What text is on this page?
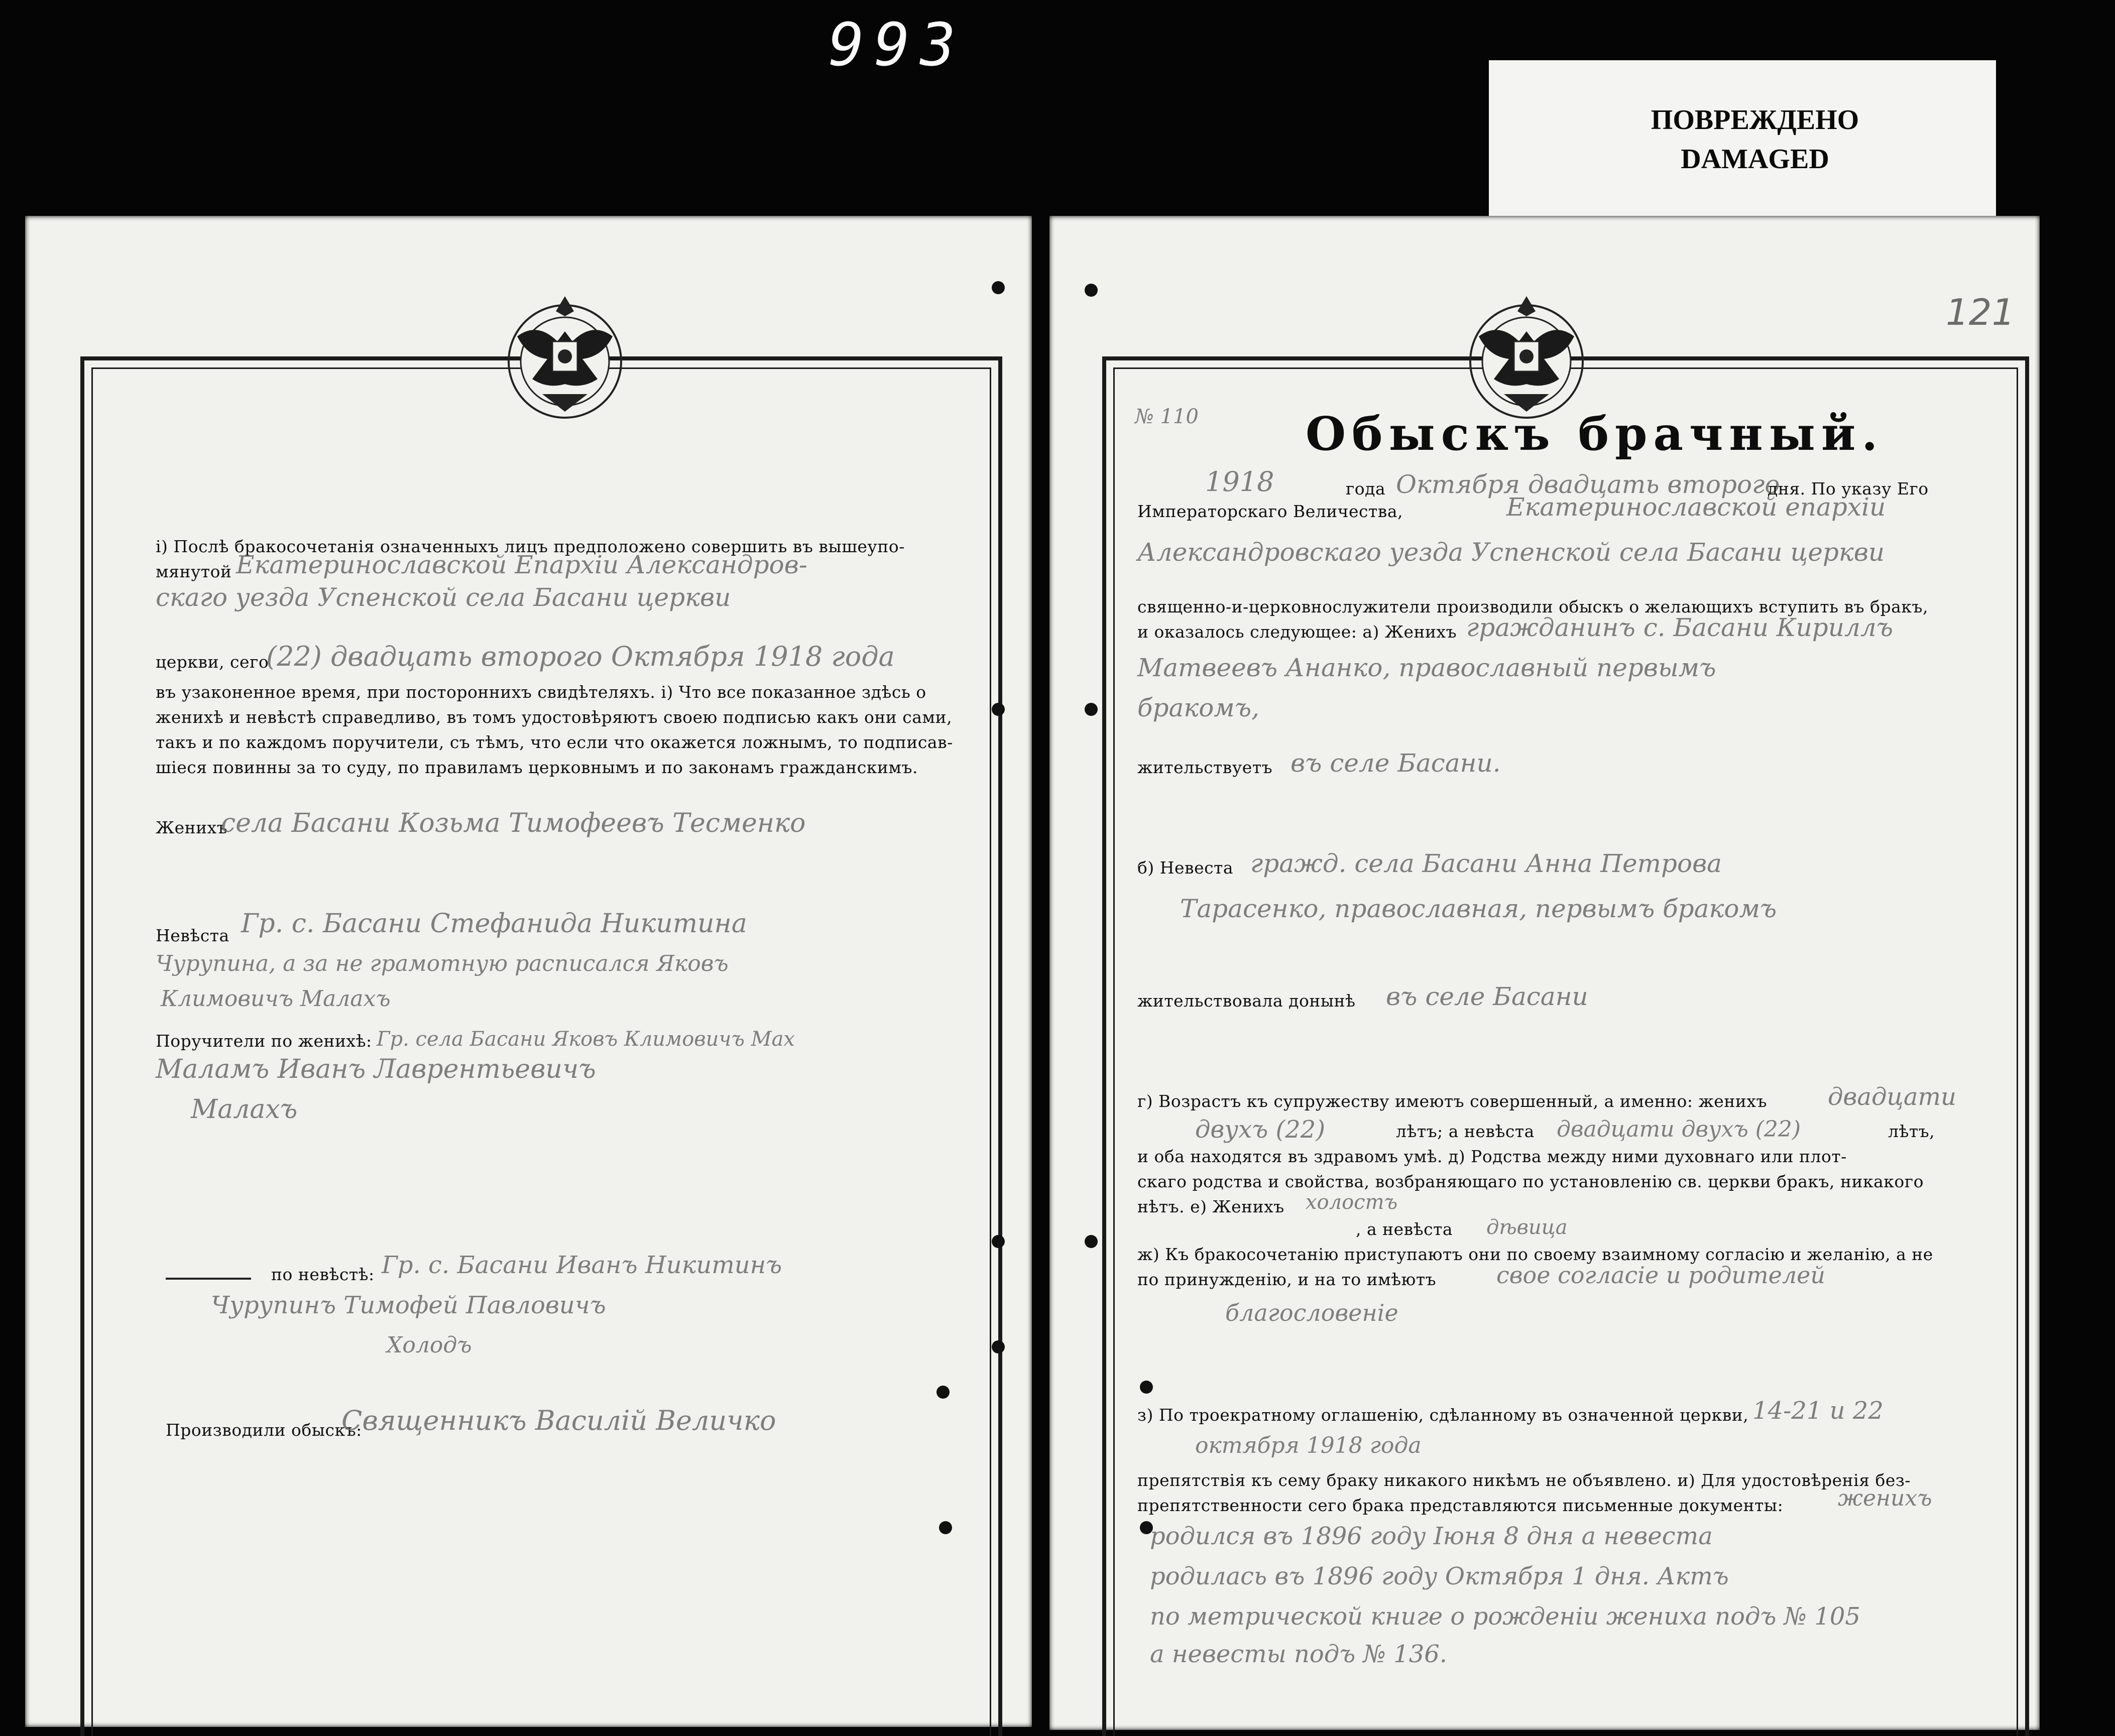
993
ПОВРЕЖДЕНО
DAMAGED
121
№ 110 Обыскъ брачный.
1918	года Октября двадцать второго
дня. По указу Его
Императорскаго Величества,	Екатеринославской епархiи
Александровскаго уезда Успенской села Басани церкви
священно-и-церковнослужители производили обыскъ о желающихъ вступить въ бракъ,
и оказалось следующее: а) Женихъ гражданинъ с. Басани Кириллъ
Матвеевъ Ананко, православный первымъ
бракомъ,
жительствуетъ въ селе Басани.
б) Невеста гражд. села Басани Анна Петрова
Тарасенко, православная, первымъ бракомъ
жительствовала донынѣ въ селе Басани
г) Возрастъ къ супружеству имеютъ совершенный, а именно: женихъ	двадцати
двухъ (22)	лѣтъ; а невѣста двадцати двухъ (22)	лѣтъ,
и оба находятся въ здравомъ умѣ. д) Родства между ними духовнаго или плот-
скаго родства и свойства, возбраняющаго по установленiю св. церкви бракъ, никакого
нѣтъ. е) Женихъ холостъ
, а невѣста дѣвица
ж) Къ бракосочетанiю приступаютъ они по своему взаимному согласiю и желанiю, а не
по принужденiю, и на то имѣютъ	свое согласiе и родителей
благословенiе
з) По троекратному оглашенiю, сдѣланному въ означенной церкви, 14-21 и 22
октября 1918 года
препятствiя къ сему браку никакого никѣмъ не объявлено. и) Для удостовѣренiя без-
препятственности сего брака представляются письменные документы: женихъ
родился въ 1896 году Iюня 8 дня а невеста
родилась въ 1896 году Октября 1 дня. Актъ
по метрической книге о рожденiи жениха подъ № 105
а невесты подъ № 136.
i) Послѣ бракосочетанiя означенныхъ лицъ предположено совершить въ вышеупо-
мянутой Екатеринославской Епархiи Александров-
скаго уезда Успенской села Басани церкви
церкви, сего
(22) двадцать второго Октября 1918 года
въ узаконенное время, при постороннихъ свидѣтеляхъ. i) Что все показанное здѣсь о
женихѣ и невѣстѣ справедливо, въ томъ удостовѣряютъ своею подписью какъ они сами,
такъ и по каждомъ поручители, съ тѣмъ, что если что окажется ложнымъ, то подписав-
шiеся повинны за то суду, по правиламъ церковнымъ и по законамъ гражданскимъ.
Женихъ
села Басани Козьма Тимофеевъ Тесменко
Невѣста Гр. с. Басани Стефанида Никитина
Чурупина, а за не грамотную расписался Яковъ
Климовичъ Малахъ
Поручители по женихѣ: Гр. села Басани Яковъ Климовичъ Мах
Маламъ Иванъ Лаврентьевичъ
Малахъ
по невѣстѣ: Гр. с. Басани Иванъ Никитинъ
Чурупинъ Тимофей Павловичъ
Холодъ
Производили обыскъ:
Священникъ Василiй Величко
